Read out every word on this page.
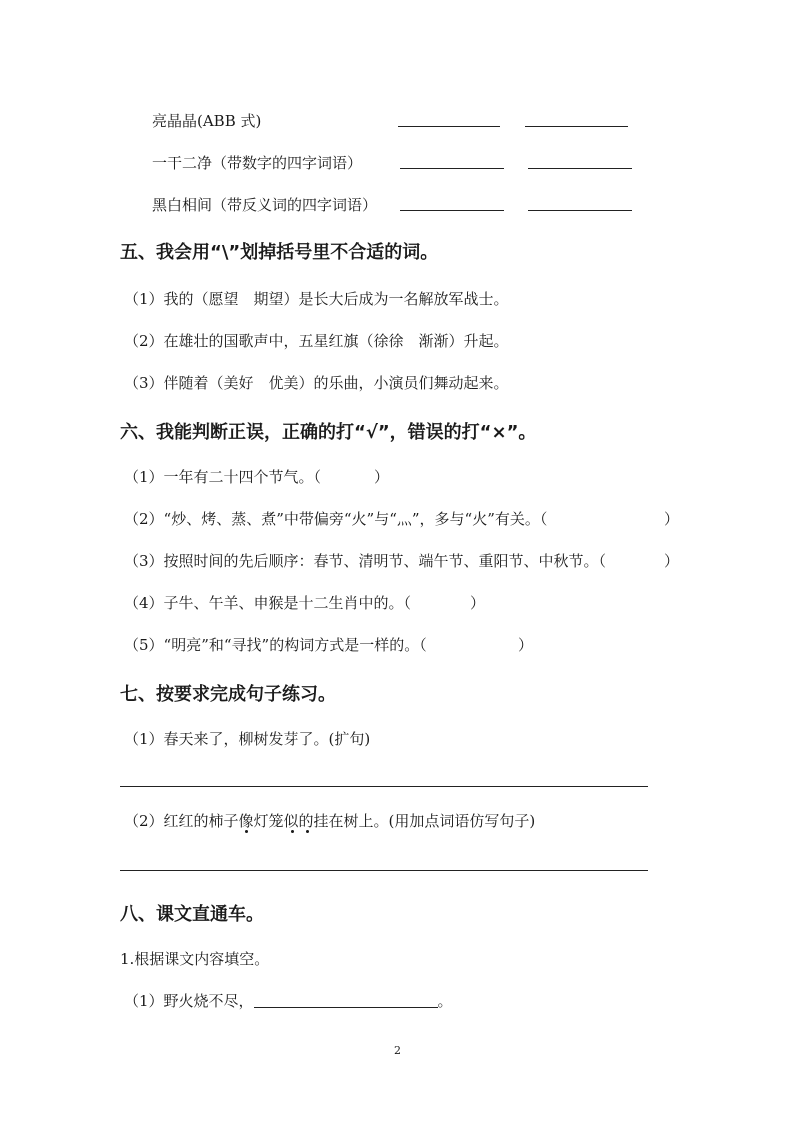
亮晶晶(ABB 式)
一干二净（带数字的四字词语）
黑白相间（带反义词的四字词语）
五、我会用“\”划掉括号里不合适的词。
（1）我的（愿望　期望）是长大后成为一名解放军战士。
（2）在雄壮的国歌声中，五星红旗（徐徐　渐渐）升起。
（3）伴随着（美好　优美）的乐曲，小演员们舞动起来。
六、我能判断正误，正确的打“√”，错误的打“×”。
（1）一年有二十四个节气。（	）
（2）“炒、烤、蒸、煮”中带偏旁“火”与“灬”，多与“火”有关。（	）
（3）按照时间的先后顺序：春节、清明节、端午节、重阳节、中秋节。（	）
（4）子牛、午羊、申猴是十二生肖中的。（	）
（5）“明亮”和“寻找”的构词方式是一样的。（	）
七、按要求完成句子练习。
（1）春天来了，柳树发芽了。(扩句)
（2）红红的柿子像灯笼似的挂在树上。(用加点词语仿写句子)
八、课文直通车。
1.根据课文内容填空。
（1）野火烧不尽，	。
2
